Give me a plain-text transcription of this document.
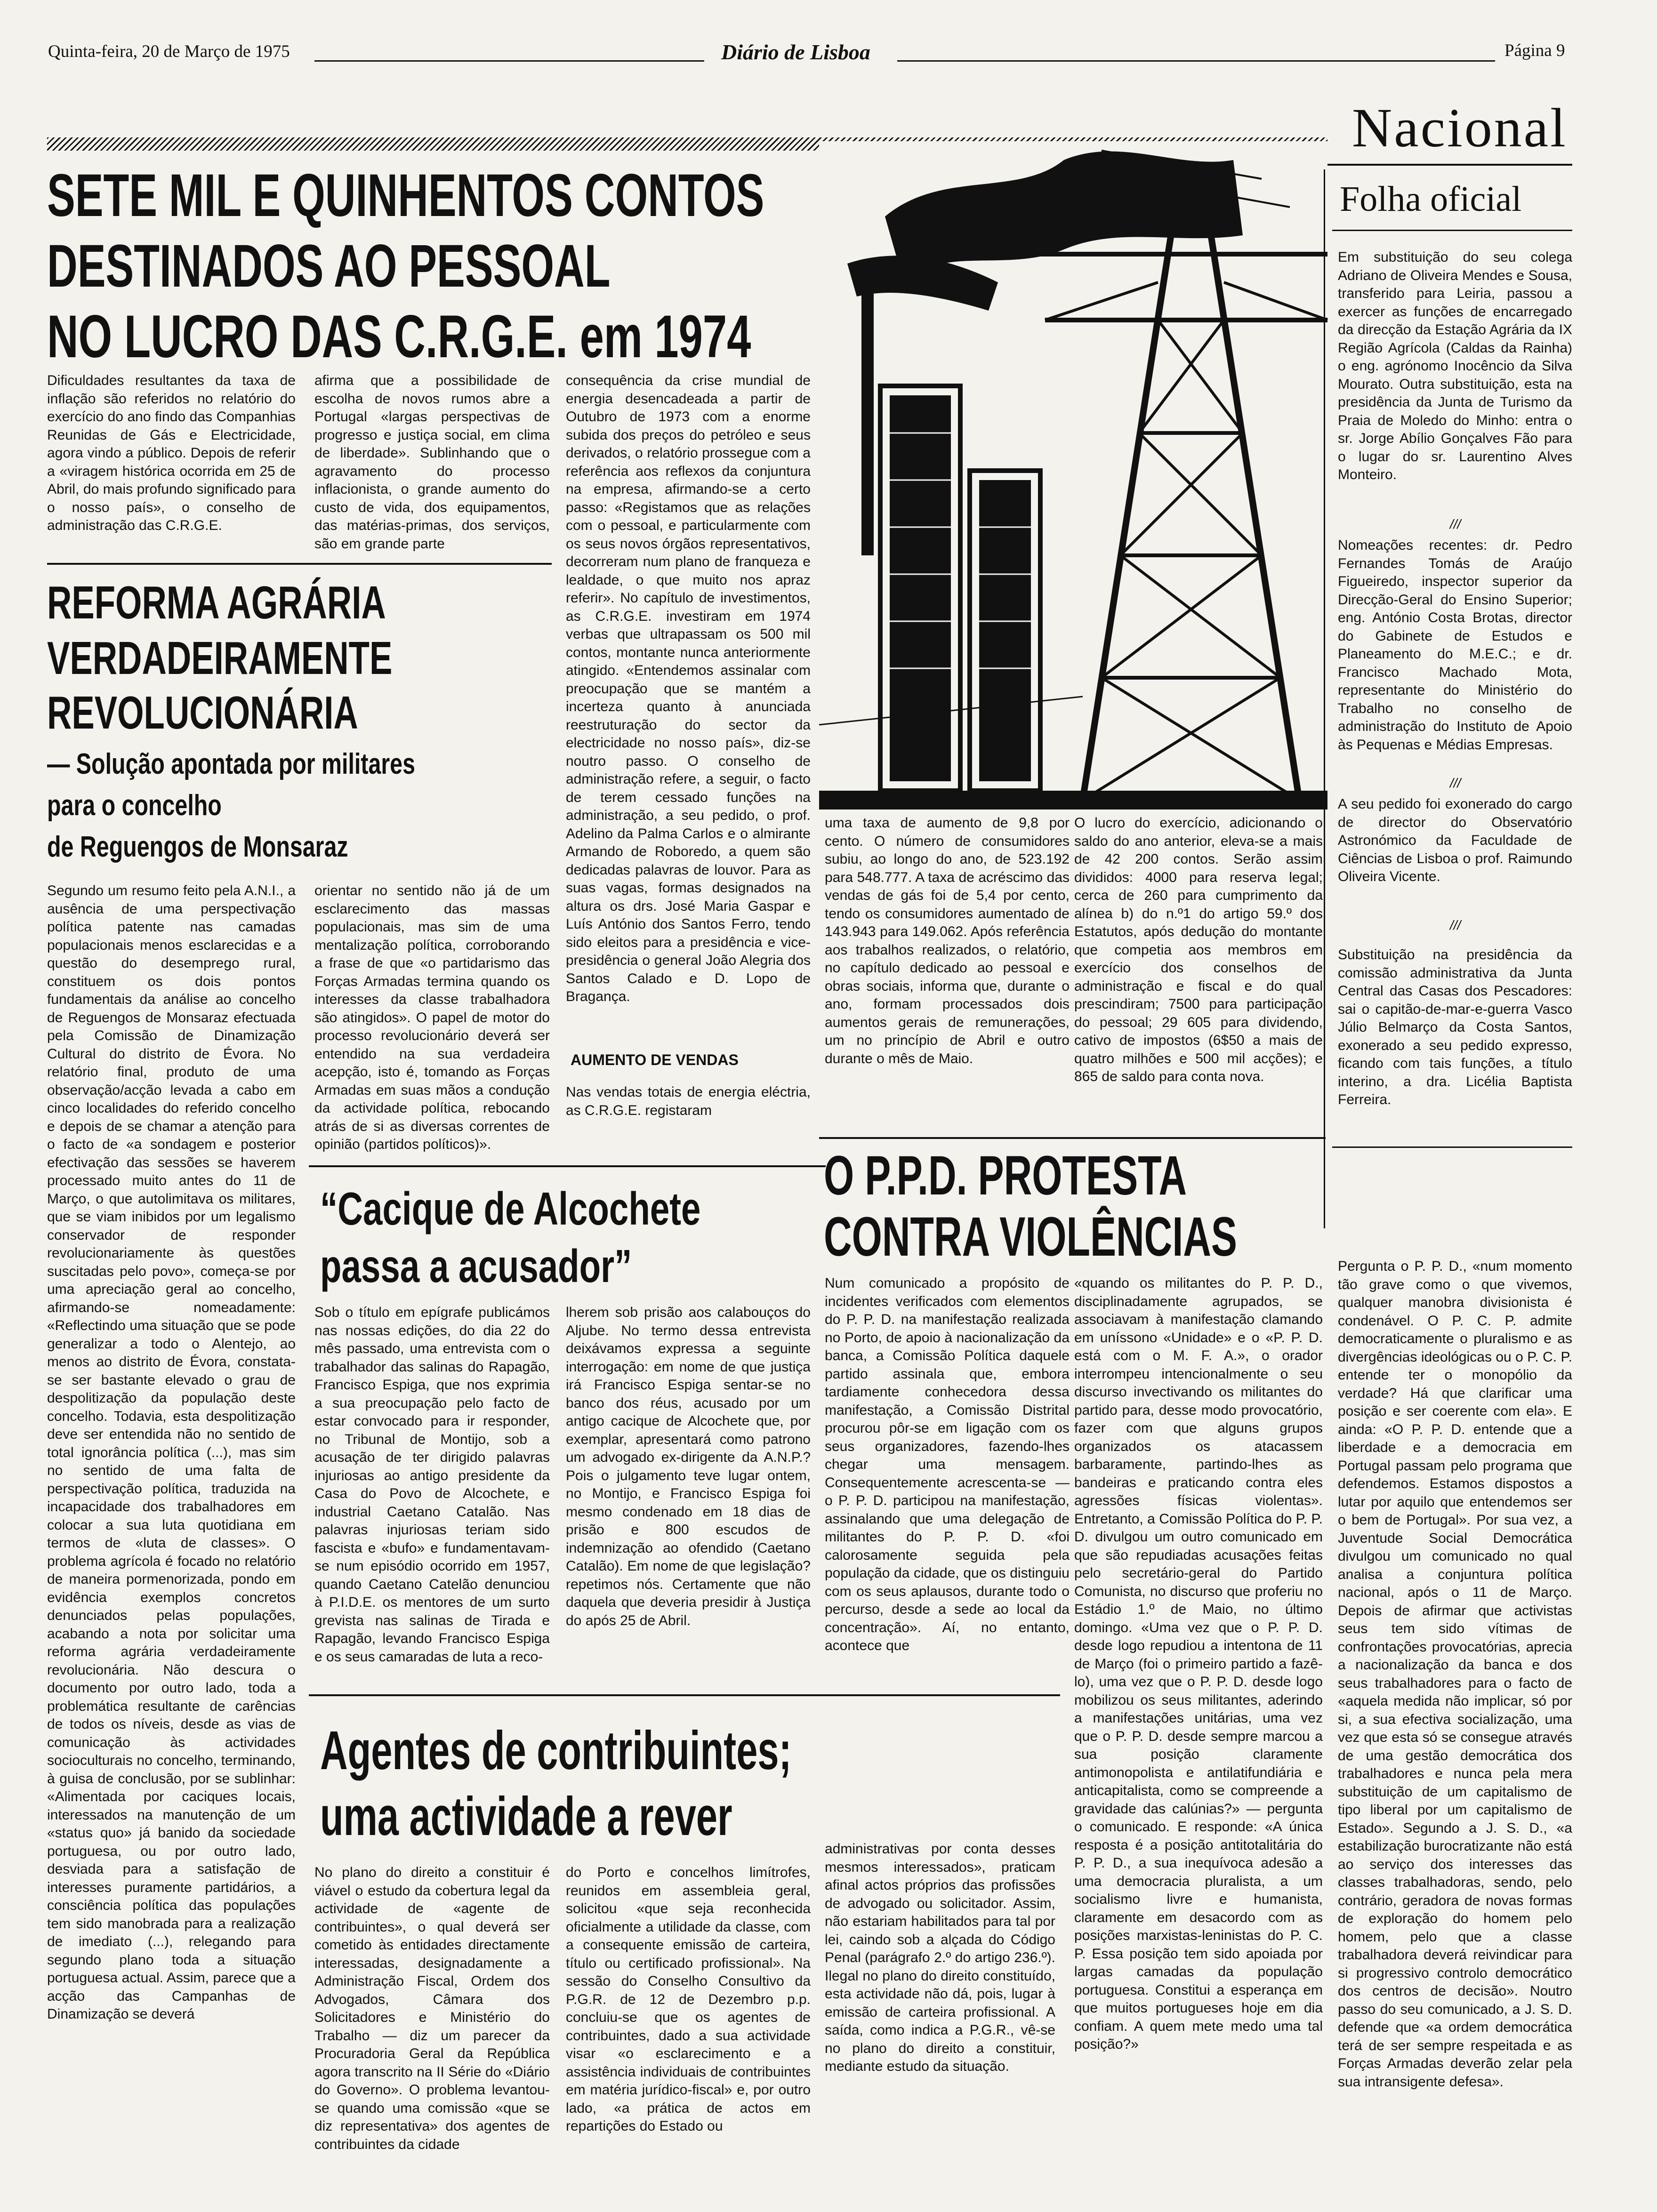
Quinta-feira, 20 de Março de 1975	Diário de Lisboa	Página 9
Nacional
SETE MIL E QUINHENTOS CONTOS
DESTINADOS AO PESSOAL
NO LUCRO DAS C.R.G.E. em 1974
Dificuldades resultantes da taxa de inflação são referidos no relatório do exercício do ano findo das Companhias Reunidas de Gás e Electricidade, agora vindo a público. Depois de referir a «viragem histórica ocorrida em 25 de Abril, do mais profundo significado para o nosso país», o conselho de administração das C.R.G.E.
afirma que a possibilidade de escolha de novos rumos abre a Portugal «largas perspectivas de progresso e justiça social, em clima de liberdade». Sublinhando que o agravamento do processo inflacionista, o grande aumento do custo de vida, dos equipamentos, das matérias-primas, dos serviços, são em grande parte
consequência da crise mundial de energia desencadeada a partir de Outubro de 1973 com a enorme subida dos preços do petróleo e seus derivados, o relatório prossegue com a referência aos reflexos da conjuntura na empresa, afirmando-se a certo passo: «Registamos que as relações com o pessoal, e particularmente com os seus novos órgãos representativos, decorreram num plano de franqueza e lealdade, o que muito nos apraz referir». No capítulo de investimentos, as C.R.G.E. investiram em 1974 verbas que ultrapassam os 500 mil contos, montante nunca anteriormente atingido. «Entendemos assinalar com preocupação que se mantém a incerteza quanto à anunciada reestruturação do sector da electricidade no nosso país», diz-se noutro passo. O conselho de administração refere, a seguir, o facto de terem cessado funções na administração, a seu pedido, o prof. Adelino da Palma Carlos e o almirante Armando de Roboredo, a quem são dedicadas palavras de louvor. Para as suas vagas, formas designados na altura os drs. José Maria Gaspar e Luís António dos Santos Ferro, tendo sido eleitos para a presidência e vice-presidência o general João Alegria dos Santos Calado e D. Lopo de Bragança.
AUMENTO DE VENDAS
Nas vendas totais de energia eléctria, as C.R.G.E. registaram
uma taxa de aumento de 9,8 por cento. O número de consumidores subiu, ao longo do ano, de 523.192 para 548.777. A taxa de acréscimo das vendas de gás foi de 5,4 por cento, tendo os consumidores aumentado de 143.943 para 149.062. Após referência aos trabalhos realizados, o relatório, no capítulo dedicado ao pessoal e obras sociais, informa que, durante o ano, formam processados dois aumentos gerais de remunerações, um no princípio de Abril e outro durante o mês de Maio.
O lucro do exercício, adicionando o saldo do ano anterior, eleva-se a mais de 42 200 contos. Serão assim divididos: 4000 para reserva legal; cerca de 260 para cumprimento da alínea b) do n.º1 do artigo 59.º dos Estatutos, após dedução do montante que competia aos membros em exercício dos conselhos de administração e fiscal e do qual prescindiram; 7500 para participação do pessoal; 29 605 para dividendo, cativo de impostos (6$50 a mais de quatro milhões e 500 mil acções); e 865 de saldo para conta nova.
REFORMA AGRÁRIA
VERDADEIRAMENTE
REVOLUCIONÁRIA
— Solução apontada por militares
para o concelho
de Reguengos de Monsaraz
Segundo um resumo feito pela A.N.I., a ausência de uma perspectivação política patente nas camadas populacionais menos esclarecidas e a questão do desemprego rural, constituem os dois pontos fundamentais da análise ao concelho de Reguengos de Monsaraz efectuada pela Comissão de Dinamização Cultural do distrito de Évora. No relatório final, produto de uma observação/acção levada a cabo em cinco localidades do referido concelho e depois de se chamar a atenção para o facto de «a sondagem e posterior efectivação das sessões se haverem processado muito antes do 11 de Março, o que autolimitava os militares, que se viam inibidos por um legalismo conservador de responder revolucionariamente às questões suscitadas pelo povo», começa-se por uma apreciação geral ao concelho, afirmando-se nomeadamente: «Reflectindo uma situação que se pode generalizar a todo o Alentejo, ao menos ao distrito de Évora, constata-se ser bastante elevado o grau de despolitização da população deste concelho. Todavia, esta despolitização deve ser entendida não no sentido de total ignorância política (...), mas sim no sentido de uma falta de perspectivação política, traduzida na incapacidade dos trabalhadores em colocar a sua luta quotidiana em termos de «luta de classes». O problema agrícola é focado no relatório de maneira pormenorizada, pondo em evidência exemplos concretos denunciados pelas populações, acabando a nota por solicitar uma reforma agrária verdadeiramente revolucionária. Não descura o documento por outro lado, toda a problemática resultante de carências de todos os níveis, desde as vias de comunicação às actividades socioculturais no concelho, terminando, à guisa de conclusão, por se sublinhar: «Alimentada por caciques locais, interessados na manutenção de um «status quo» já banido da sociedade portuguesa, ou por outro lado, desviada para a satisfação de interesses puramente partidários, a consciência política das populações tem sido manobrada para a realização de imediato (...), relegando para segundo plano toda a situação portuguesa actual. Assim, parece que a acção das Campanhas de Dinamização se deverá
orientar no sentido não já de um esclarecimento das massas populacionais, mas sim de uma mentalização política, corroborando a frase de que «o partidarismo das Forças Armadas termina quando os interesses da classe trabalhadora são atingidos». O papel de motor do processo revolucionário deverá ser entendido na sua verdadeira acepção, isto é, tomando as Forças Armadas em suas mãos a condução da actividade política, rebocando atrás de si as diversas correntes de opinião (partidos políticos)».
“Cacique de Alcochete
passa a acusador”
Sob o título em epígrafe publicámos nas nossas edições, do dia 22 do mês passado, uma entrevista com o trabalhador das salinas do Rapagão, Francisco Espiga, que nos exprimia a sua preocupação pelo facto de estar convocado para ir responder, no Tribunal de Montijo, sob a acusação de ter dirigido palavras injuriosas ao antigo presidente da Casa do Povo de Alcochete, e industrial Caetano Catalão. Nas palavras injuriosas teriam sido fascista e «bufo» e fundamentavam-se num episódio ocorrido em 1957, quando Caetano Catelão denunciou à P.I.D.E. os mentores de um surto grevista nas salinas de Tirada e Rapagão, levando Francisco Espiga e os seus camaradas de luta a reco-
lherem sob prisão aos calabouços do Aljube. No termo dessa entrevista deixávamos expressa a seguinte interrogação: em nome de que justiça irá Francisco Espiga sentar-se no banco dos réus, acusado por um antigo cacique de Alcochete que, por exemplar, apresentará como patrono um advogado ex-dirigente da A.N.P.? Pois o julgamento teve lugar ontem, no Montijo, e Francisco Espiga foi mesmo condenado em 18 dias de prisão e 800 escudos de indemnização ao ofendido (Caetano Catalão). Em nome de que legislação? repetimos nós. Certamente que não daquela que deveria presidir à Justiça do após 25 de Abril.
Agentes de contribuintes;
uma actividade a rever
No plano do direito a constituir é viável o estudo da cobertura legal da actividade de «agente de contribuintes», o qual deverá ser cometido às entidades directamente interessadas, designadamente a Administração Fiscal, Ordem dos Advogados, Câmara dos Solicitadores e Ministério do Trabalho — diz um parecer da Procuradoria Geral da República agora transcrito na II Série do «Diário do Governo». O problema levantou-se quando uma comissão «que se diz representativa» dos agentes de contribuintes da cidade
do Porto e concelhos limítrofes, reunidos em assembleia geral, solicitou «que seja reconhecida oficialmente a utilidade da classe, com a consequente emissão de carteira, título ou certificado profissional». Na sessão do Conselho Consultivo da P.G.R. de 12 de Dezembro p.p. concluiu-se que os agentes de contribuintes, dado a sua actividade visar «o esclarecimento e a assistência individuais de contribuintes em matéria jurídico-fiscal» e, por outro lado, «a prática de actos em repartições do Estado ou
administrativas por conta desses mesmos interessados», praticam afinal actos próprios das profissões de advogado ou solicitador. Assim, não estariam habilitados para tal por lei, caindo sob a alçada do Código Penal (parágrafo 2.º do artigo 236.º). Ilegal no plano do direito constituído, esta actividade não dá, pois, lugar à emissão de carteira profissional. A saída, como indica a P.G.R., vê-se no plano do direito a constituir, mediante estudo da situação.
O P.P.D. PROTESTA
CONTRA VIOLÊNCIAS
Num comunicado a propósito de incidentes verificados com elementos do P. P. D. na manifestação realizada no Porto, de apoio à nacionalização da banca, a Comissão Política daquele partido assinala que, embora tardiamente conhecedora dessa manifestação, a Comissão Distrital procurou pôr-se em ligação com os seus organizadores, fazendo-lhes chegar uma mensagem. Consequentemente acrescenta-se — o P. P. D. participou na manifestação, assinalando que uma delegação de militantes do P. P. D. «foi calorosamente seguida pela população da cidade, que os distinguiu com os seus aplausos, durante todo o percurso, desde a sede ao local da concentração». Aí, no entanto, acontece que
«quando os militantes do P. P. D., disciplinadamente agrupados, se associavam à manifestação clamando em uníssono «Unidade» e o «P. P. D. está com o M. F. A.», o orador interrompeu intencionalmente o seu discurso invectivando os militantes do partido para, desse modo provocatório, fazer com que alguns grupos organizados os atacassem barbaramente, partindo-lhes as bandeiras e praticando contra eles agressões físicas violentas». Entretanto, a Comissão Política do P. P. D. divulgou um outro comunicado em que são repudiadas acusações feitas pelo secretário-geral do Partido Comunista, no discurso que proferiu no Estádio 1.º de Maio, no último domingo. «Uma vez que o P. P. D. desde logo repudiou a intentona de 11 de Março (foi o primeiro partido a fazê-lo), uma vez que o P. P. D. desde logo mobilizou os seus militantes, aderindo a manifestações unitárias, uma vez que o P. P. D. desde sempre marcou a sua posição claramente antimonopolista e antilatifundiária e anticapitalista, como se compreende a gravidade das calúnias?» — pergunta o comunicado. E responde: «A única resposta é a posição antitotalitária do P. P. D., a sua inequívoca adesão a uma democracia pluralista, a um socialismo livre e humanista, claramente em desacordo com as posições marxistas-leninistas do P. C. P. Essa posição tem sido apoiada por largas camadas da população portuguesa. Constitui a esperança em que muitos portugueses hoje em dia confiam. A quem mete medo uma tal posição?»
Pergunta o P. P. D., «num momento tão grave como o que vivemos, qualquer manobra divisionista é condenável. O P. C. P. admite democraticamente o pluralismo e as divergências ideológicas ou o P. C. P. entende ter o monopólio da verdade? Há que clarificar uma posição e ser coerente com ela». E ainda: «O P. P. D. entende que a liberdade e a democracia em Portugal passam pelo programa que defendemos. Estamos dispostos a lutar por aquilo que entendemos ser o bem de Portugal». Por sua vez, a Juventude Social Democrática divulgou um comunicado no qual analisa a conjuntura política nacional, após o 11 de Março. Depois de afirmar que activistas seus tem sido vítimas de confrontações provocatórias, aprecia a nacionalização da banca e dos seus trabalhadores para o facto de «aquela medida não implicar, só por si, a sua efectiva socialização, uma vez que esta só se consegue através de uma gestão democrática dos trabalhadores e nunca pela mera substituição de um capitalismo de tipo liberal por um capitalismo de Estado». Segundo a J. S. D., «a estabilização burocratizante não está ao serviço dos interesses das classes trabalhadoras, sendo, pelo contrário, geradora de novas formas de exploração do homem pelo homem, pelo que a classe trabalhadora deverá reivindicar para si progressivo controlo democrático dos centros de decisão». Noutro passo do seu comunicado, a J. S. D. defende que «a ordem democrática terá de ser sempre respeitada e as Forças Armadas deverão zelar pela sua intransigente defesa».
Folha oficial
Em substituição do seu colega Adriano de Oliveira Mendes e Sousa, transferido para Leiria, passou a exercer as funções de encarregado da direcção da Estação Agrária da IX Região Agrícola (Caldas da Rainha) o eng. agrónomo Inocêncio da Silva Mourato. Outra substituição, esta na presidência da Junta de Turismo da Praia de Moledo do Minho: entra o sr. Jorge Abílio Gonçalves Fão para o lugar do sr. Laurentino Alves Monteiro.
///
Nomeações recentes: dr. Pedro Fernandes Tomás de Araújo Figueiredo, inspector superior da Direcção-Geral do Ensino Superior; eng. António Costa Brotas, director do Gabinete de Estudos e Planeamento do M.E.C.; e dr. Francisco Machado Mota, representante do Ministério do Trabalho no conselho de administração do Instituto de Apoio às Pequenas e Médias Empresas.
///
A seu pedido foi exonerado do cargo de director do Observatório Astronómico da Faculdade de Ciências de Lisboa o prof. Raimundo Oliveira Vicente.
///
Substituição na presidência da comissão administrativa da Junta Central das Casas dos Pescadores: sai o capitão-de-mar-e-guerra Vasco Júlio Belmarço da Costa Santos, exonerado a seu pedido expresso, ficando com tais funções, a título interino, a dra. Licélia Baptista Ferreira.
